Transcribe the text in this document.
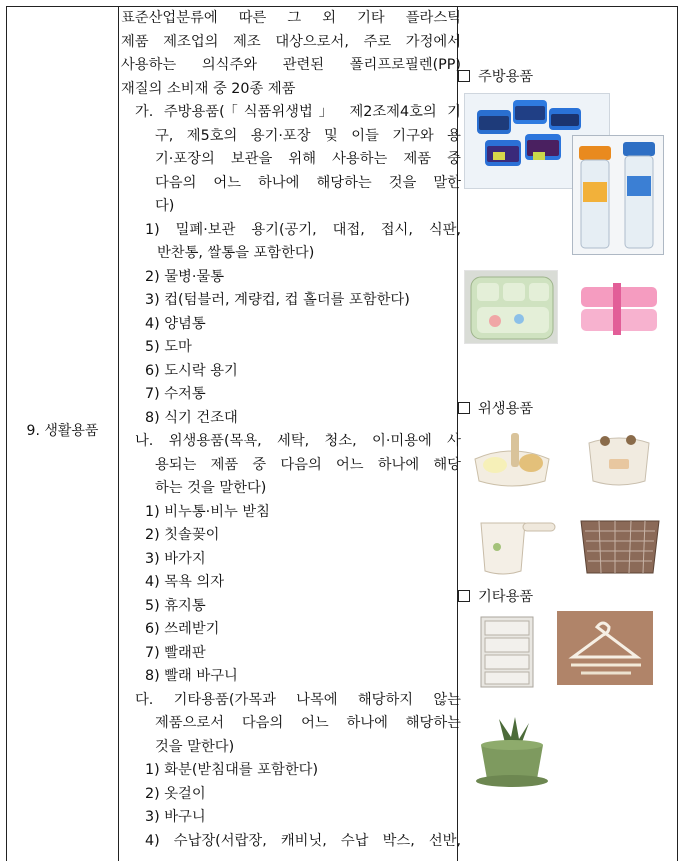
9. 생활용품
표준산업분류에 따른 그 외 기타 플라스틱
제품 제조업의 제조 대상으로서, 주로 가정에서
사용하는 의식주와 관련된 폴리프로필렌(PP)
재질의 소비재 중 20종 제품
가. 주방용품(「식품위생법」 제2조제4호의 기
구, 제5호의 용기·포장 및 이들 기구와 용
기·포장의 보관을 위해 사용하는 제품 중
다음의 어느 하나에 해당하는 것을 말한
다)
1) 밀폐·보관 용기(공기, 대접, 접시, 식판,
반찬통, 쌀통을 포함한다)
2) 물병·물통
3) 컵(텀블러, 계량컵, 컵 홀더를 포함한다)
4) 양념통
5) 도마
6) 도시락 용기
7) 수저통
8) 식기 건조대
나. 위생용품(목욕, 세탁, 청소, 이·미용에 사
용되는 제품 중 다음의 어느 하나에 해당
하는 것을 말한다)
1) 비누통·비누 받침
2) 칫솔꽂이
3) 바가지
4) 목욕 의자
5) 휴지통
6) 쓰레받기
7) 빨래판
8) 빨래 바구니
다. 기타용품(가목과 나목에 해당하지 않는
제품으로서 다음의 어느 하나에 해당하는
것을 말한다)
1) 화분(받침대를 포함한다)
2) 옷걸이
3) 바구니
4) 수납장(서랍장, 캐비닛, 수납 박스, 선반,
주방용품
위생용품
기타용품
